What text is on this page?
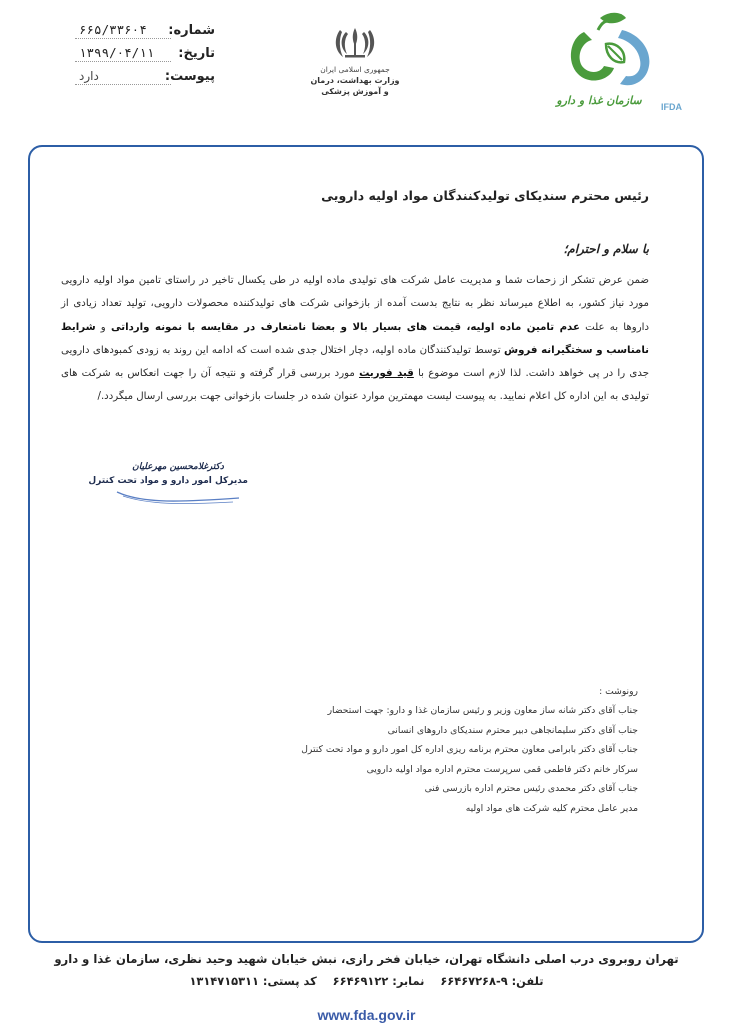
شماره:
۶۶۵/۳۳۶۰۴
تاریخ:
۱۳۹۹/۰۴/۱۱
پیوست:
دارد	جمهوری اسلامی ایران
وزارت بهداشت، درمان
و آموزش پزشکی
سازمان غذا و دارو	IFDA
رئیس محترم سندیکای تولیدکنندگان مواد اولیه دارویی
با سلام و احترام؛
ضمن عرض تشکر از زحمات شما و مدیریت عامل شرکت های تولیدی ماده اولیه در طی یکسال تاخیر در راستای تامین مواد اولیه دارویی مورد نیاز کشور، به اطلاع میرساند نظر به نتایج بدست آمده از بازخوانی شرکت های تولیدکننده محصولات دارویی، تولید تعداد زیادی از داروها به علت عدم تامین ماده اولیه، قیمت های بسیار بالا و بعضا نامتعارف در مقایسه با نمونه وارداتی و شرایط نامناسب و سختگیرانه فروش توسط تولیدکنندگان ماده اولیه، دچار اختلال جدی شده است که ادامه این روند به زودی کمبودهای دارویی جدی را در پی خواهد داشت. لذا لازم است موضوع با قید فوریت مورد بررسی قرار گرفته و نتیجه آن را جهت انعکاس به شرکت های تولیدی به این اداره کل اعلام نمایید. به پیوست لیست مهمترین موارد عنوان شده در جلسات بازخوانی جهت بررسی ارسال میگردد./
دکترغلامحسین مهرعلیان
مدیرکل امور دارو و مواد تحت کنترل

رونوشت :

جناب آقای دکتر شانه ساز معاون وزیر و رئیس سازمان غذا و دارو: جهت استحضار
جناب آقای دکتر سلیمانجاهی دبیر محترم سندیکای داروهای انسانی
جناب آقای دکتر بابرامی معاون محترم برنامه ریزی اداره کل امور دارو و مواد تحت کنترل
سرکار خانم دکتر فاطمی قمی سرپرست محترم اداره مواد اولیه دارویی
جناب آقای دکتر محمدی رئیس محترم اداره بازرسی فنی
مدیر عامل محترم کلیه شرکت های مواد اولیه
تهران روبروی درب اصلی دانشگاه تهران، خیابان فخر رازی، نبش خیابان شهید وحید نظری، سازمان غذا و دارو
تلفن: ۹-۶۶۴۶۷۲۶۸ نمابر: ۶۶۴۶۹۱۲۲ کد پستی: ۱۳۱۴۷۱۵۳۱۱
www.fda.gov.ir
